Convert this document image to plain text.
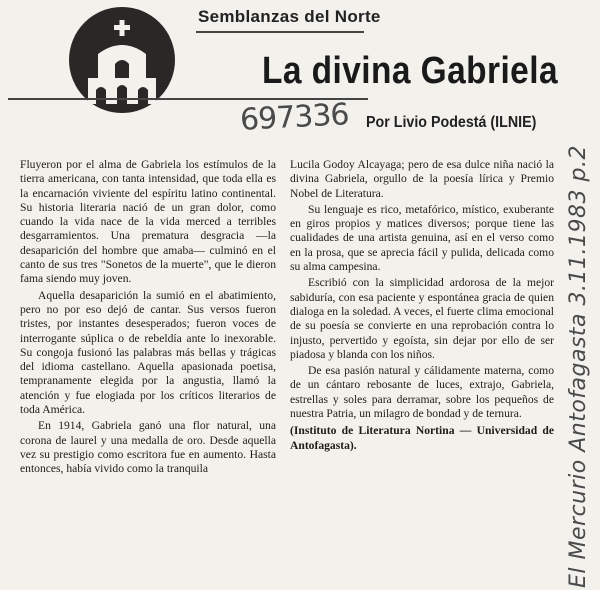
Semblanzas del Norte
La divina Gabriela
697336 Por Livio Podestá (ILNIE)

Fluyeron por el alma de Gabriela los estímulos de la tierra americana, con tanta intensidad, que toda ella es la encarnación viviente del espíritu latino continental. Su historia literaria nació de un gran dolor, como cuando la vida nace de la vida merced a terribles desgarramientos. Una prematura desgracia —la desaparición del hombre que amaba— culminó en el canto de sus tres "Sonetos de la muerte", que le dieron fama siendo muy joven.

Aquella desaparición la sumió en el abatimiento, pero no por eso dejó de cantar. Sus versos fueron tristes, por instantes desesperados; fueron voces de interrogante súplica o de rebeldía ante lo inexorable. Su congoja fusionó las palabras más bellas y trágicas del idioma castellano. Aquella apasionada poetisa, tempranamente elegida por la angustia, llamó la atención y fue elogiada por los críticos literarios de toda América.

En 1914, Gabriela ganó una flor natural, una corona de laurel y una medalla de oro. Desde aquella vez su prestigio como escritora fue en aumento. Hasta entonces, había vivido como la tranquila

Lucila Godoy Alcayaga; pero de esa dulce niña nació la divina Gabriela, orgullo de la poesía lírica y Premio Nobel de Literatura.

Su lenguaje es rico, metafórico, místico, exuberante en giros propios y matices diversos; porque tiene las cualidades de una artista genuina, así en el verso como en la prosa, que se aprecia fácil y pulida, delicada como su alma campesina.

Escribió con la simplicidad ardorosa de la mejor sabiduría, con esa paciente y espontánea gracia de quien dialoga en la soledad. A veces, el fuerte clima emocional de su poesía se convierte en una reprobación contra lo injusto, pervertido y egoísta, sin dejar por ello de ser piadosa y blanda con los niños.

De esa pasión natural y cálidamente materna, como de un cántaro rebosante de luces, extrajo, Gabriela, estrellas y soles para derramar, sobre los pequeños de nuestra Patria, un milagro de bondad y de ternura.

(Instituto de Literatura Nortina — Universidad de Antofagasta).	El Mercurio Antofagasta 3.11.1983 p.2
